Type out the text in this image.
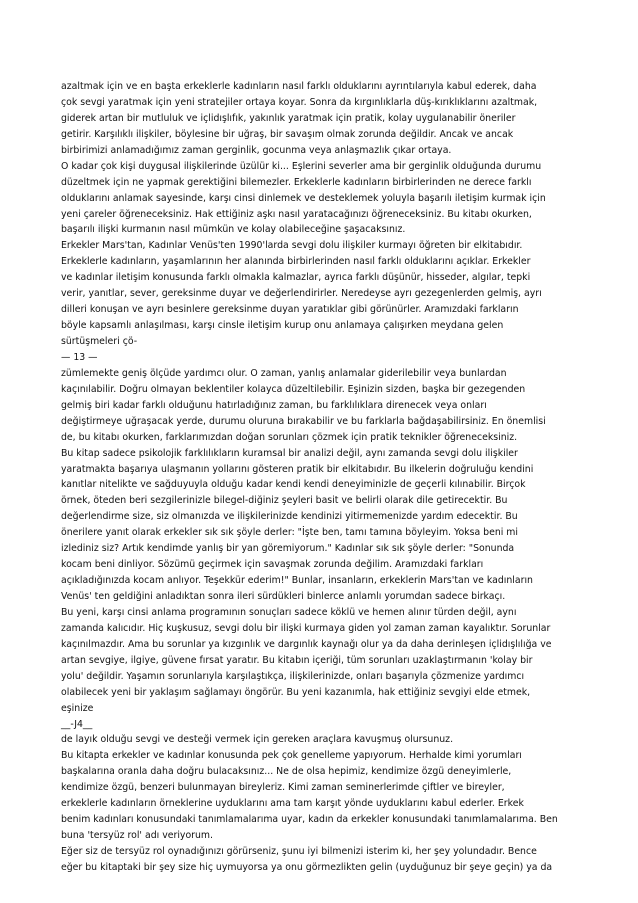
azaltmak için ve en başta erkeklerle kadınların nasıl farklı olduklarını ayrıntılarıyla kabul ederek, daha
çok sevgi yaratmak için yeni stratejiler ortaya koyar. Sonra da kırgınlıklarla düş-kırıklıklarını azaltmak,
giderek artan bir mutluluk ve içlidışlıfık, yakınlık yaratmak için pratik, kolay uygulanabilir öneriler
getirir. Karşılıklı ilişkiler, böylesine bir uğraş, bir savaşım olmak zorunda değildir. Ancak ve ancak
birbirimizi anlamadığımız zaman gerginlik, gocunma veya anlaşmazlık çıkar ortaya.
O kadar çok kişi duygusal ilişkilerinde üzülür ki... Eşlerini severler ama bir gerginlik olduğunda durumu
düzeltmek için ne yapmak gerektiğini bilemezler. Erkeklerle kadınların birbirlerinden ne derece farklı
olduklarını anlamak sayesinde, karşı cinsi dinlemek ve desteklemek yoluyla başarılı iletişim kurmak için
yeni çareler öğreneceksiniz. Hak ettiğiniz aşkı nasıl yaratacağınızı öğreneceksiniz. Bu kitabı okurken,
başarılı ilişki kurmanın nasıl mümkün ve kolay olabileceğine şaşacaksınız.
Erkekler Mars'tan, Kadınlar Venüs'ten 1990'larda sevgi dolu ilişkiler kurmayı öğreten bir elkitabıdır.
Erkeklerle kadınların, yaşamlarının her alanında birbirlerinden nasıl farklı olduklarını açıklar. Erkekler
ve kadınlar iletişim konusunda farklı olmakla kalmazlar, ayrıca farklı düşünür, hisseder, algılar, tepki
verir, yanıtlar, sever, gereksinme duyar ve değerlendirirler. Neredeyse ayrı gezegenlerden gelmiş, ayrı
dilleri konuşan ve ayrı besinlere gereksinme duyan yaratıklar gibi görünürler. Aramızdaki farkların
böyle kapsamlı anlaşılması, karşı cinsle iletişim kurup onu anlamaya çalışırken meydana gelen
sürtüşmeleri çö-
— 13 —
zümlemekte geniş ölçüde yardımcı olur. O zaman, yanlış anlamalar giderilebilir veya bunlardan
kaçınılabilir. Doğru olmayan beklentiler kolayca düzeltilebilir. Eşinizin sizden, başka bir gezegenden
gelmiş biri kadar farklı olduğunu hatırladığınız zaman, bu farklılıklara direnecek veya onları
değiştirmeye uğraşacak yerde, durumu oluruna bırakabilir ve bu farklarla bağdaşabilirsiniz. En önemlisi
de, bu kitabı okurken, farklarımızdan doğan sorunları çözmek için pratik teknikler öğreneceksiniz.
Bu kitap sadece psikolojik farklılıkların kuramsal bir analizi değil, aynı zamanda sevgi dolu ilişkiler
yaratmakta başarıya ulaşmanın yollarını gösteren pratik bir elkitabıdır. Bu ilkelerin doğruluğu kendini
kanıtlar nitelikte ve sağduyuyla olduğu kadar kendi kendi deneyiminizle de geçerli kılınabilir. Birçok
örnek, öteden beri sezgilerinizle bilegel-diğiniz şeyleri basit ve belirli olarak dile getirecektir. Bu
değerlendirme size, siz olmanızda ve ilişkilerinizde kendinizi yitirmemenizde yardım edecektir. Bu
önerilere yanıt olarak erkekler sık sık şöyle derler: "İşte ben, tamı tamına böyleyim. Yoksa beni mi
izlediniz siz? Artık kendimde yanlış bir yan göremiyorum." Kadınlar sık sık şöyle derler: "Sonunda
kocam beni dinliyor. Sözümü geçirmek için savaşmak zorunda değilim. Aramızdaki farkları
açıkladığınızda kocam anlıyor. Teşekkür ederim!" Bunlar, insanların, erkeklerin Mars'tan ve kadınların
Venüs' ten geldiğini anladıktan sonra ileri sürdükleri binlerce anlamlı yorumdan sadece birkaçı.
Bu yeni, karşı cinsi anlama programının sonuçları sadece köklü ve hemen alınır türden değil, aynı
zamanda kalıcıdır. Hiç kuşkusuz, sevgi dolu bir ilişki kurmaya giden yol zaman zaman kayalıktır. Sorunlar
kaçınılmazdır. Ama bu sorunlar ya kızgınlık ve dargınlık kaynağı olur ya da daha derinleşen içlidışlılığa ve
artan sevgiye, ilgiye, güvene fırsat yaratır. Bu kitabın içeriği, tüm sorunları uzaklaştırmanın 'kolay bir
yolu' değildir. Yaşamın sorunlarıyla karşılaştıkça, ilişkilerinizde, onları başarıyla çözmenize yardımcı
olabilecek yeni bir yaklaşım sağlamayı öngörür. Bu yeni kazanımla, hak ettiğiniz sevgiyi elde etmek,
eşinize
__-J4__
de layık olduğu sevgi ve desteği vermek için gereken araçlara kavuşmuş olursunuz.
Bu kitapta erkekler ve kadınlar konusunda pek çok genelleme yapıyorum. Herhalde kimi yorumları
başkalarına oranla daha doğru bulacaksınız... Ne de olsa hepimiz, kendimize özgü deneyimlerle,
kendimize özgü, benzeri bulunmayan bireyleriz. Kimi zaman seminerlerimde çiftler ve bireyler,
erkeklerle kadınların örneklerine uyduklarını ama tam karşıt yönde uyduklarını kabul ederler. Erkek
benim kadınları konusundaki tanımlamalarıma uyar, kadın da erkekler konusundaki tanımlamalarıma. Ben
buna 'tersyüz rol' adı veriyorum.
Eğer siz de tersyüz rol oynadığınızı görürseniz, şunu iyi bilmenizi isterim ki, her şey yolundadır. Bence
eğer bu kitaptaki bir şey size hiç uymuyorsa ya onu görmezlikten gelin (uyduğunuz bir şeye geçin) ya da
